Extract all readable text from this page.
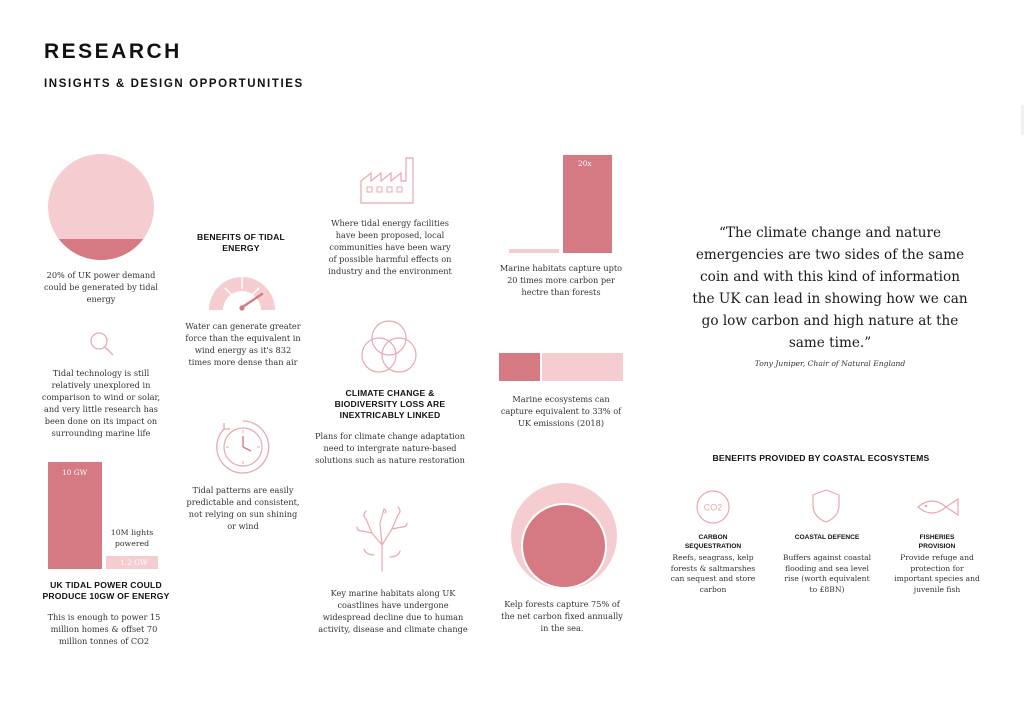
RESEARCH
INSIGHTS & DESIGN OPPORTUNITIES
20% of UK power demand could be generated by tidal energy
Tidal technology is still relatively unexplored in comparison to wind or solar, and very little research has been done on its impact on surrounding marine life
10 GW
1.2 GW
10M lights powered
UK TIDAL POWER COULD PRODUCE 10GW OF ENERGY
This is enough to power 15 million homes & offset 70 million tonnes of CO2
BENEFITS OF TIDAL ENERGY
Water can generate greater force than the equivalent in wind energy as it's 832 times more dense than air
Tidal patterns are easily predictable and consistent, not relying on sun shining or wind
Where tidal energy facilities have been proposed, local communities have been wary of possible harmful effects on industry and the environment
CLIMATE CHANGE & BIODIVERSITY LOSS ARE INEXTRICABLY LINKED
Plans for climate change adaptation need to intergrate nature-based solutions such as nature restoration
Key marine habitats along UK coastlines have undergone widespread decline due to human activity, disease and climate change
20x
Marine habitats capture upto 20 times more carbon per hectre than forests
Marine ecosystems can capture equivalent to 33% of UK emissions (2018)
Kelp forests capture 75% of the net carbon fixed annually in the sea.
“The climate change and nature emergencies are two sides of the same coin and with this kind of information the UK can lead in showing how we can go low carbon and high nature at the same time.”
Tony Juniper, Chair of Natural England
BENEFITS PROVIDED BY COASTAL ECOSYSTEMS
CO2
CARBON SEQUESTRATION
COASTAL DEFENCE	FISHERIES PROVISION
Reefs, seagrass, kelp forests & saltmarshes can sequest and store carbon
Buffers against coastal flooding and sea level rise (worth equivalent to £8BN)
Provide refuge and protection for important species and juvenile fish
